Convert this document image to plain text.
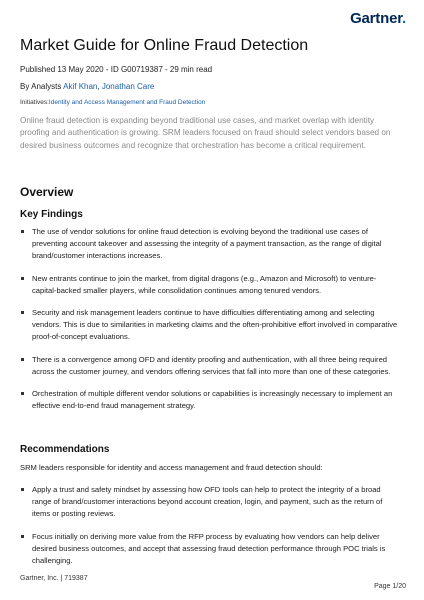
Gartner.
Market Guide for Online Fraud Detection
Published 13 May 2020 - ID G00719387 - 29 min read
By Analysts Akif Khan, Jonathan Care
Initiatives:Identity and Access Management and Fraud Detection

Online fraud detection is expanding beyond traditional use cases, and market overlap with identity proofing and authentication is growing. SRM leaders focused on fraud should select vendors based on desired business outcomes and recognize that orchestration has become a critical requirement.

Overview
Key Findings
The use of vendor solutions for online fraud detection is evolving beyond the traditional use cases of preventing account takeover and assessing the integrity of a payment transaction, as the range of digital brand/customer interactions increases.
New entrants continue to join the market, from digital dragons (e.g., Amazon and Microsoft) to venture-capital-backed smaller players, while consolidation continues among tenured vendors.
Security and risk management leaders continue to have difficulties differentiating among and selecting vendors. This is due to similarities in marketing claims and the often-prohibitive effort involved in comparative proof-of-concept evaluations.
There is a convergence among OFD and identity proofing and authentication, with all three being required across the customer journey, and vendors offering services that fall into more than one of these categories.
Orchestration of multiple different vendor solutions or capabilities is increasingly necessary to implement an effective end-to-end fraud management strategy.
Recommendations

SRM leaders responsible for identity and access management and fraud detection should:

Apply a trust and safety mindset by assessing how OFD tools can help to protect the integrity of a broad range of brand/customer interactions beyond account creation, login, and payment, such as the return of items or posting reviews.
Focus initially on deriving more value from the RFP process by evaluating how vendors can help deliver desired business outcomes, and accept that assessing fraud detection performance through POC trials is challenging.
Gartner, Inc. | 719387
Page 1/20
